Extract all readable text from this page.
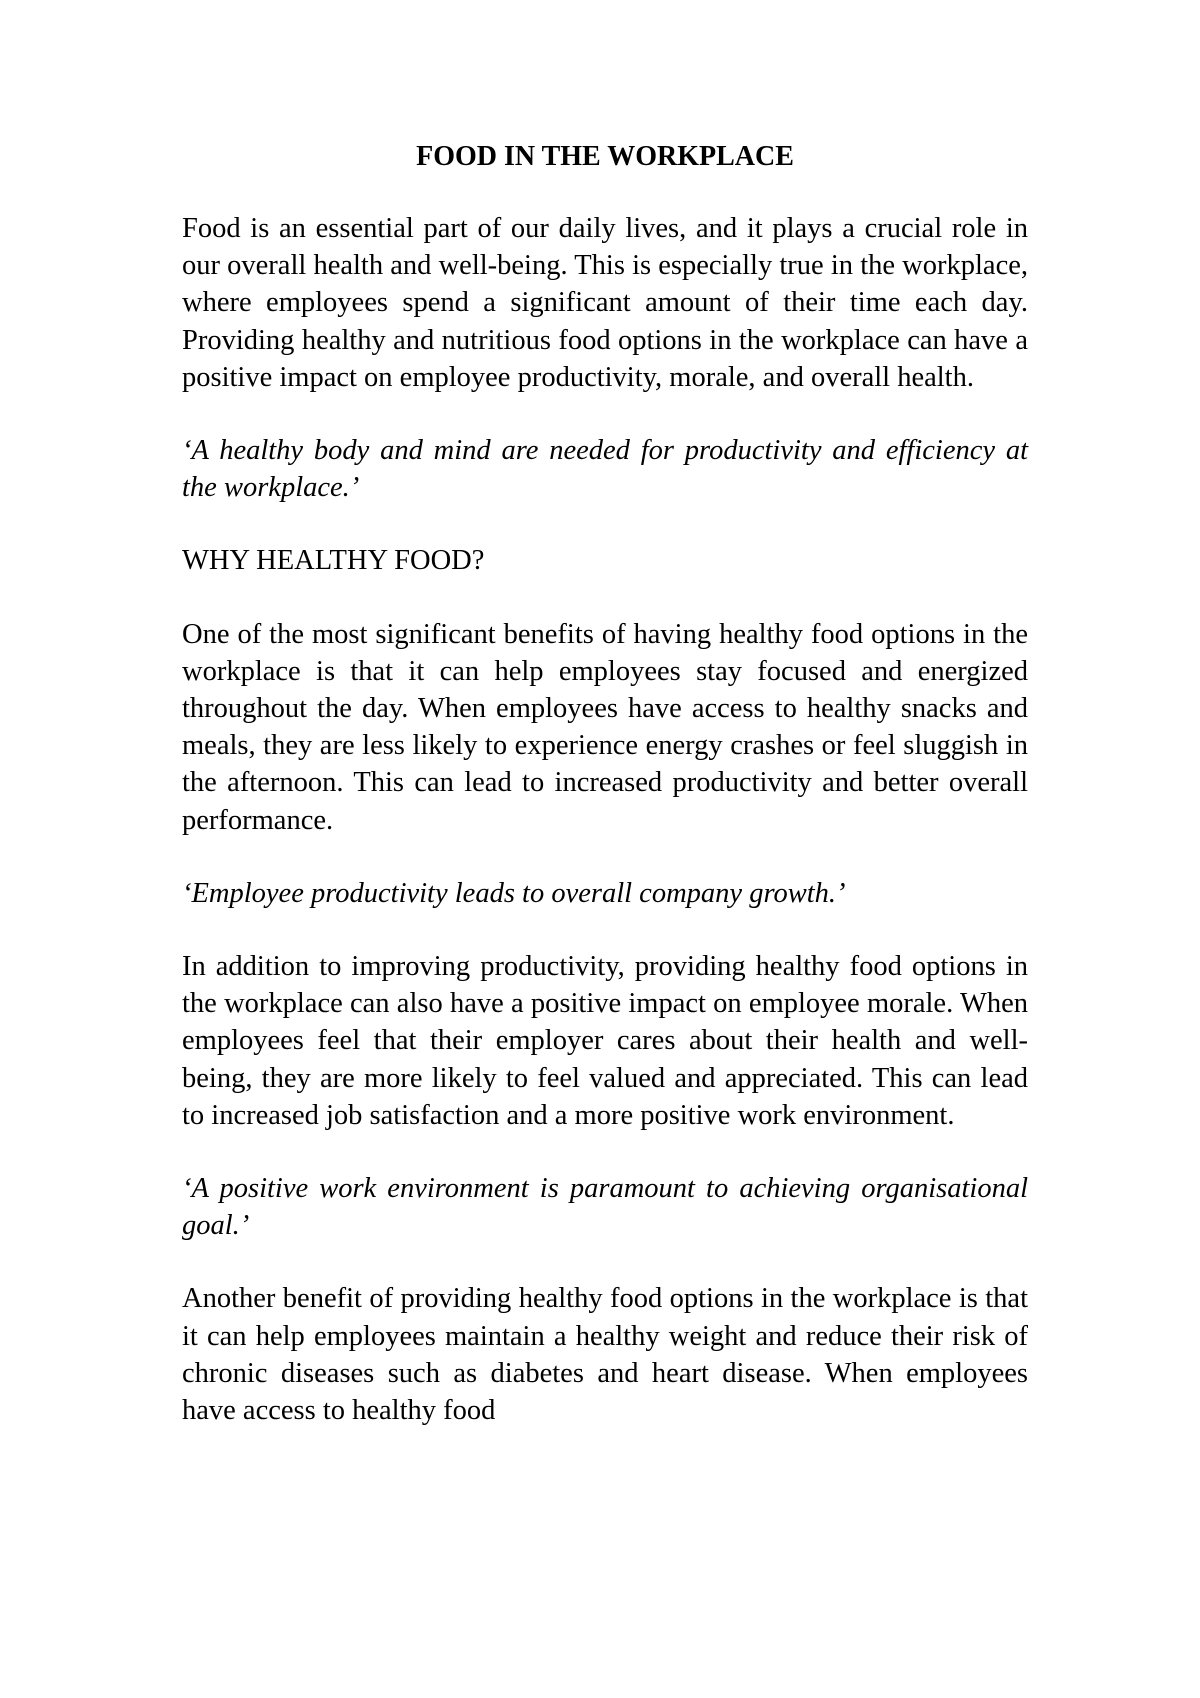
FOOD IN THE WORKPLACE

Food is an essential part of our daily lives, and it plays a crucial role in our overall health and well-being. This is especially true in the workplace, where employees spend a significant amount of their time each day. Providing healthy and nutritious food options in the workplace can have a positive impact on employee productivity, morale, and overall health.

‘A healthy body and mind are needed for productivity and efficiency at the workplace.’

WHY HEALTHY FOOD?

One of the most significant benefits of having healthy food options in the workplace is that it can help employees stay focused and energized throughout the day. When employees have access to healthy snacks and meals, they are less likely to experience energy crashes or feel sluggish in the afternoon. This can lead to increased productivity and better overall performance.

‘Employee productivity leads to overall company growth.’

In addition to improving productivity, providing healthy food options in the workplace can also have a positive impact on employee morale. When employees feel that their employer cares about their health and well-being, they are more likely to feel valued and appreciated. This can lead to increased job satisfaction and a more positive work environment.

‘A positive work environment is paramount to achieving organisational goal.’

Another benefit of providing healthy food options in the workplace is that it can help employees maintain a healthy weight and reduce their risk of chronic diseases such as diabetes and heart disease. When employees have access to healthy food
